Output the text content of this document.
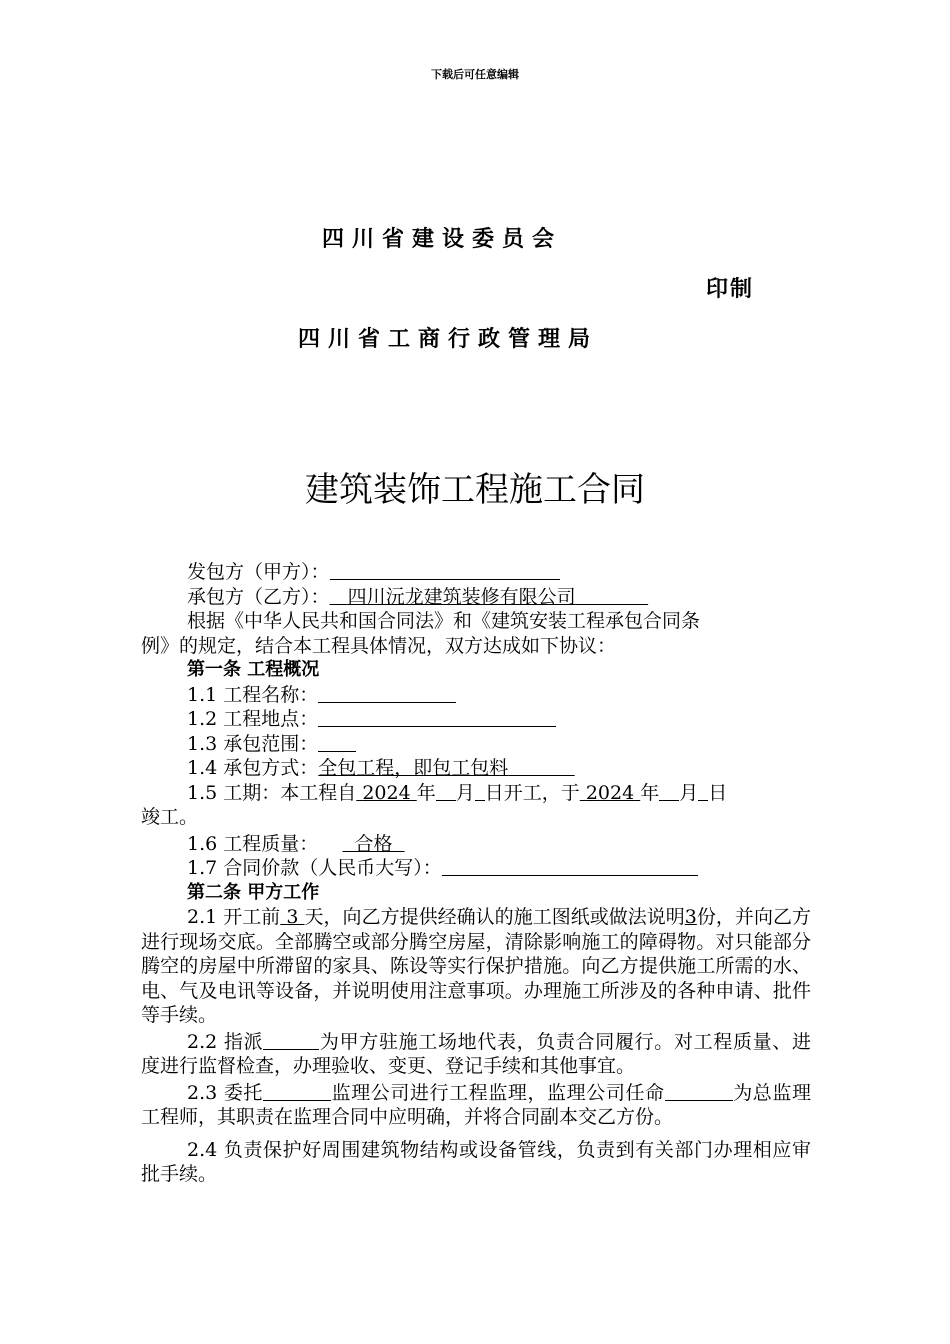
下载后可任意编辑
四川省建设委员会
印制
四川省工商行政管理局
建筑装饰工程施工合同
发包方（甲方）：
承包方（乙方）： 四川沅龙建筑装修有限公司
根据《中华人民共和国合同法》和《建筑安装工程承包合同条
例》的规定，结合本工程具体情况，双方达成如下协议：
第一条 工程概况
1.1 工程名称：
1.2 工程地点：
1.3 承包范围：
1.4 承包方式：全包工程，即包工包料
1.5 工期：本工程自 2024 年 月 日开工，于 2024 年 月 日
竣工。
1.6 工程质量： 合格
1.7 合同价款（人民币大写）：
第二条 甲方工作
2.1 开工前 3 天，向乙方提供经确认的施工图纸或做法说明3份，并向乙方进行现场交底。全部腾空或部分腾空房屋，清除影响施工的障碍物。对只能部分腾空的房屋中所滞留的家具、陈设等实行保护措施。向乙方提供施工所需的水、电、气及电讯等设备，并说明使用注意事项。办理施工所涉及的各种申请、批件等手续。
2.2 指派	为甲方驻施工场地代表，负责合同履行。对工程质量、进度进行监督检查，办理验收、变更、登记手续和其他事宜。
2.3 委托	监理公司进行工程监理，监理公司任命	为总监理工程师，其职责在监理合同中应明确，并将合同副本交乙方份。
2.4 负责保护好周围建筑物结构或设备管线，负责到有关部门办理相应审批手续。
